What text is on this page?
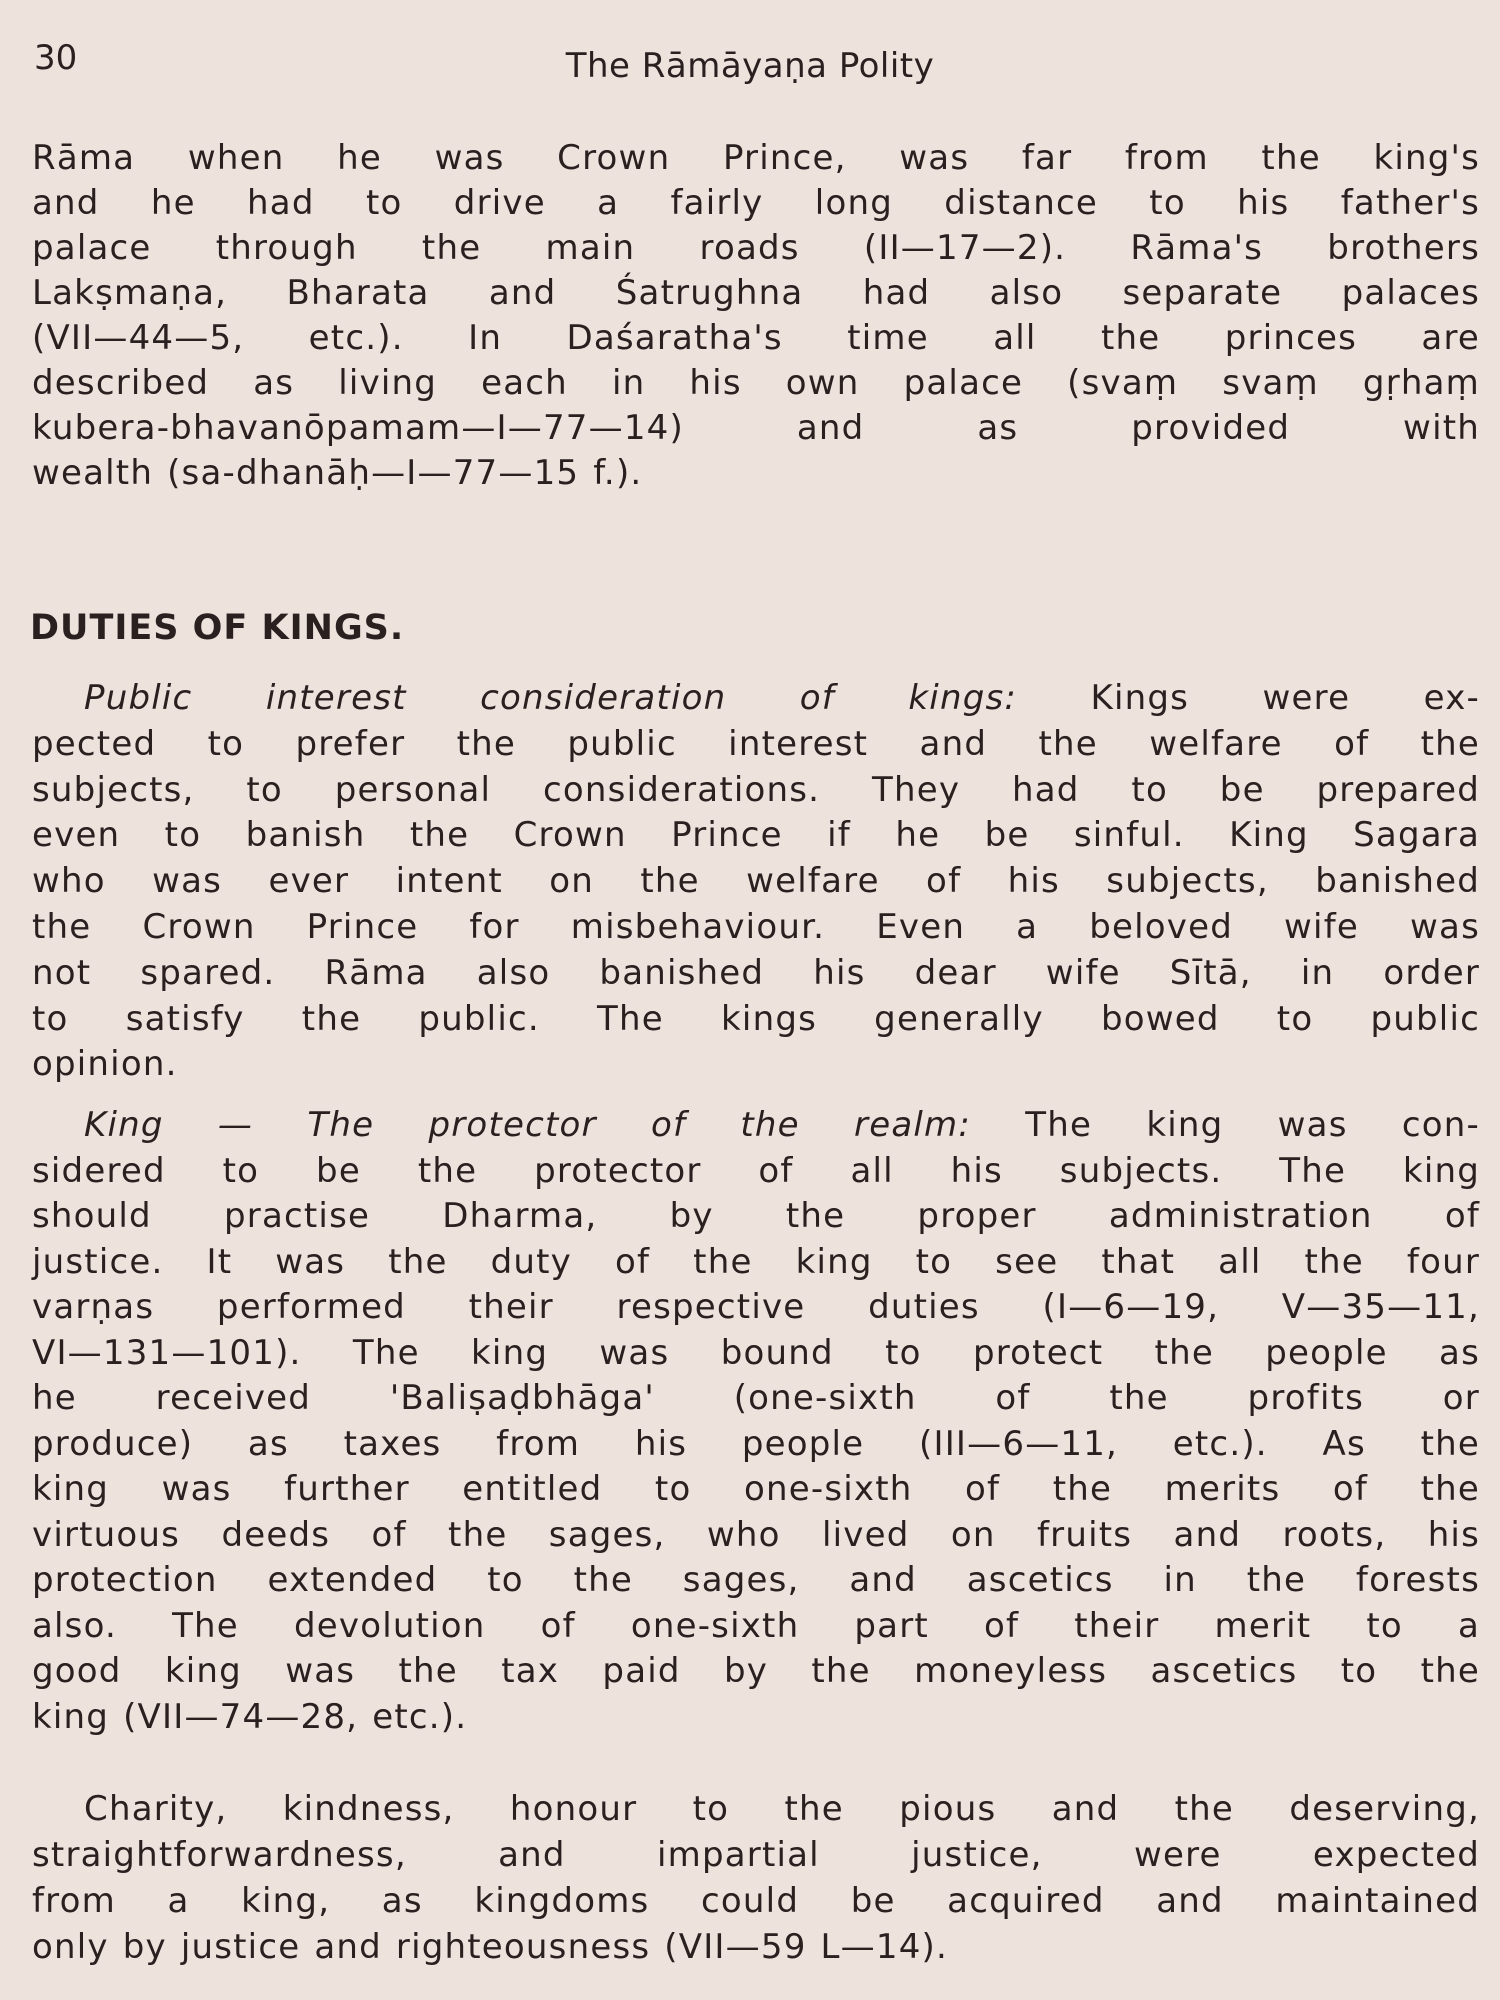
30	The Rāmāyaṇa Polity
DUTIES OF KINGS.
Rāma when he was Crown Prince, was far from the king's
and he had to drive a fairly long distance to his father's
palace through the main roads (II—17—2). Rāma's brothers
Lakṣmaṇa, Bharata and Śatrughna had also separate palaces
(VII—44—5, etc.). In Daśaratha's time all the princes are
described as living each in his own palace (svaṃ svaṃ gṛhaṃ
kubera-bhavanōpamam—I—77—14) and as provided with
wealth (sa-dhanāḥ—I—77—15 f.).
Public interest consideration of kings: Kings were ex-
pected to prefer the public interest and the welfare of the
subjects, to personal considerations. They had to be prepared
even to banish the Crown Prince if he be sinful. King Sagara
who was ever intent on the welfare of his subjects, banished
the Crown Prince for misbehaviour. Even a beloved wife was
not spared. Rāma also banished his dear wife Sītā, in order
to satisfy the public. The kings generally bowed to public
opinion.
King — The protector of the realm: The king was con-
sidered to be the protector of all his subjects. The king
should practise Dharma, by the proper administration of
justice. It was the duty of the king to see that all the four
varṇas performed their respective duties (I—6—19, V—35—11,
VI—131—101). The king was bound to protect the people as
he received 'Baliṣaḍbhāga' (one-sixth of the profits or
produce) as taxes from his people (III—6—11, etc.). As the
king was further entitled to one-sixth of the merits of the
virtuous deeds of the sages, who lived on fruits and roots, his
protection extended to the sages, and ascetics in the forests
also. The devolution of one-sixth part of their merit to a
good king was the tax paid by the moneyless ascetics to the
king (VII—74—28, etc.).
Charity, kindness, honour to the pious and the deserving,
straightforwardness, and impartial justice, were expected
from a king, as kingdoms could be acquired and maintained
only by justice and righteousness (VII—59 L—14).
